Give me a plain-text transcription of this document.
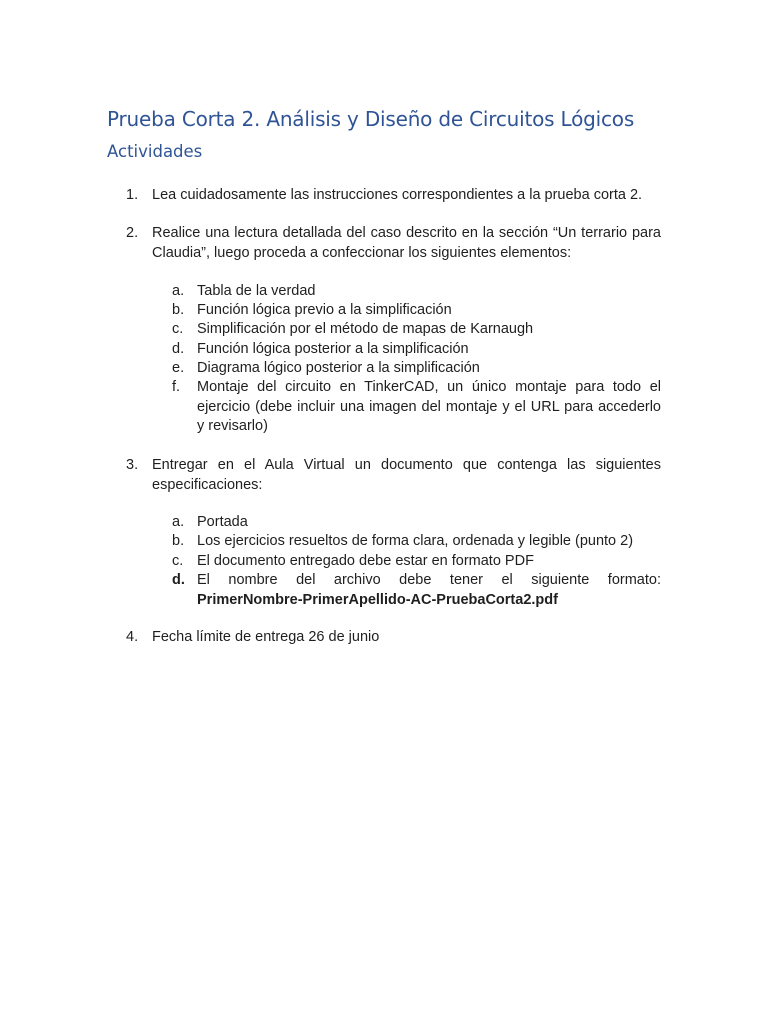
Prueba Corta 2. Análisis y Diseño de Circuitos Lógicos
Actividades
1. Lea cuidadosamente las instrucciones correspondientes a la prueba corta 2.
2. Realice una lectura detallada del caso descrito en la sección “Un terrario para
Claudia”, luego proceda a confeccionar los siguientes elementos:
a. Tabla de la verdad
b. Función lógica previo a la simplificación
c. Simplificación por el método de mapas de Karnaugh
d. Función lógica posterior a la simplificación
e. Diagrama lógico posterior a la simplificación
f.	Montaje del circuito en TinkerCAD, un único montaje para todo el
ejercicio (debe incluir una imagen del montaje y el URL para accederlo
y revisarlo)
3. Entregar en el Aula Virtual un documento que contenga las siguientes
especificaciones:
a. Portada
b. Los ejercicios resueltos de forma clara, ordenada y legible (punto 2)
c. El documento entregado debe estar en formato PDF
d. El nombre del archivo debe tener el siguiente formato:
PrimerNombre-PrimerApellido-AC-PruebaCorta2.pdf
4. Fecha límite de entrega 26 de junio
